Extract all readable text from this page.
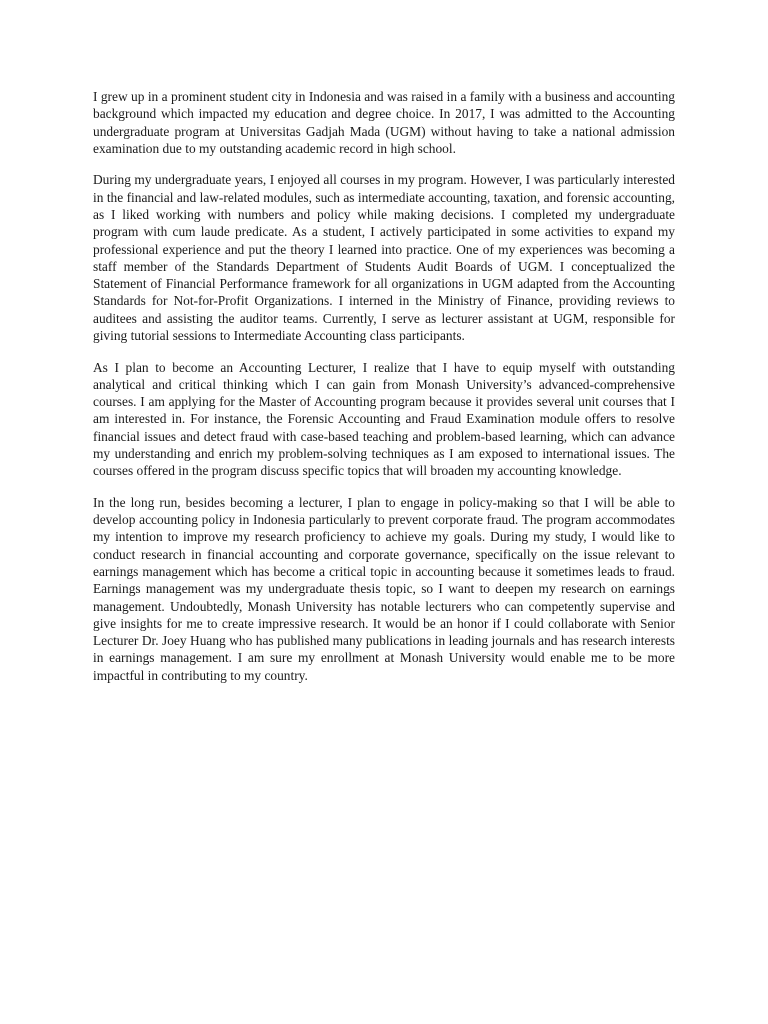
I grew up in a prominent student city in Indonesia and was raised in a family with a business and accounting background which impacted my education and degree choice. In 2017, I was admitted to the Accounting undergraduate program at Universitas Gadjah Mada (UGM) without having to take a national admission examination due to my outstanding academic record in high school.

During my undergraduate years, I enjoyed all courses in my program. However, I was particularly interested in the financial and law-related modules, such as intermediate accounting, taxation, and forensic accounting, as I liked working with numbers and policy while making decisions. I completed my undergraduate program with cum laude predicate. As a student, I actively participated in some activities to expand my professional experience and put the theory I learned into practice. One of my experiences was becoming a staff member of the Standards Department of Students Audit Boards of UGM. I conceptualized the Statement of Financial Performance framework for all organizations in UGM adapted from the Accounting Standards for Not-for-Profit Organizations. I interned in the Ministry of Finance, providing reviews to auditees and assisting the auditor teams. Currently, I serve as lecturer assistant at UGM, responsible for giving tutorial sessions to Intermediate Accounting class participants.

As I plan to become an Accounting Lecturer, I realize that I have to equip myself with outstanding analytical and critical thinking which I can gain from Monash University’s advanced-comprehensive courses. I am applying for the Master of Accounting program because it provides several unit courses that I am interested in. For instance, the Forensic Accounting and Fraud Examination module offers to resolve financial issues and detect fraud with case-based teaching and problem-based learning, which can advance my understanding and enrich my problem-solving techniques as I am exposed to international issues. The courses offered in the program discuss specific topics that will broaden my accounting knowledge.

In the long run, besides becoming a lecturer, I plan to engage in policy-making so that I will be able to develop accounting policy in Indonesia particularly to prevent corporate fraud. The program accommodates my intention to improve my research proficiency to achieve my goals. During my study, I would like to conduct research in financial accounting and corporate governance, specifically on the issue relevant to earnings management which has become a critical topic in accounting because it sometimes leads to fraud. Earnings management was my undergraduate thesis topic, so I want to deepen my research on earnings management. Undoubtedly, Monash University has notable lecturers who can competently supervise and give insights for me to create impressive research. It would be an honor if I could collaborate with Senior Lecturer Dr. Joey Huang who has published many publications in leading journals and has research interests in earnings management. I am sure my enrollment at Monash University would enable me to be more impactful in contributing to my country.
